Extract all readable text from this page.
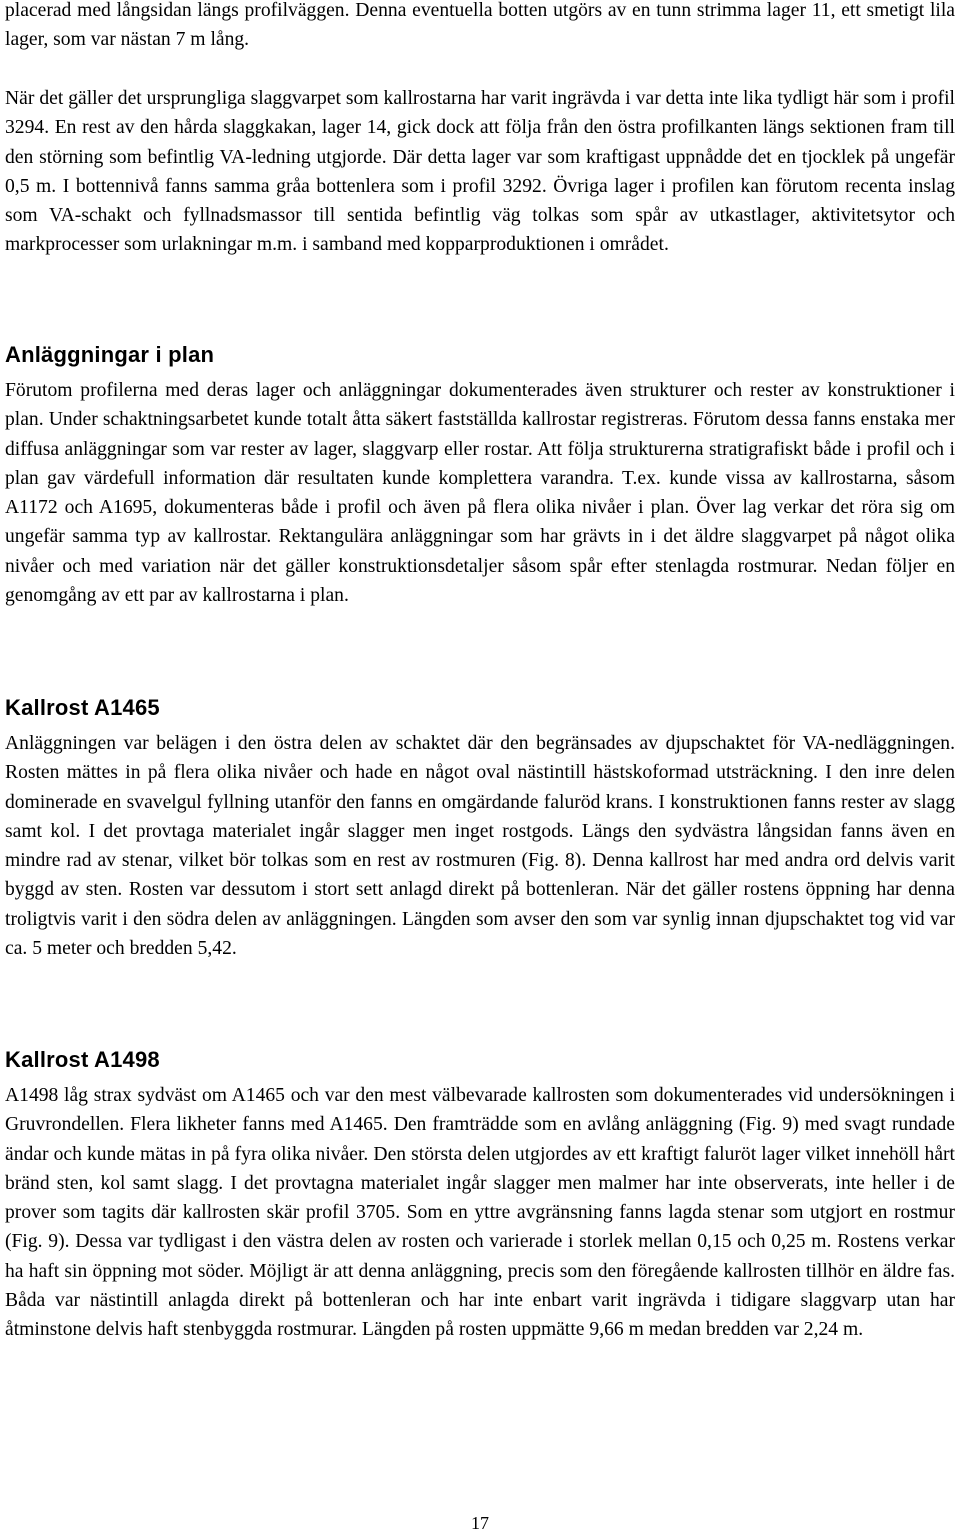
placerad med långsidan längs profilväggen. Denna eventuella botten utgörs av en tunn strimma lager 11, ett smetigt lila lager, som var nästan 7 m lång.

När det gäller det ursprungliga slaggvarpet som kallrostarna har varit ingrävda i var detta inte lika tydligt här som i profil 3294. En rest av den hårda slaggkakan, lager 14, gick dock att följa från den östra profilkanten längs sektionen fram till den störning som befintlig VA-ledning utgjorde. Där detta lager var som kraftigast uppnådde det en tjocklek på ungefär 0,5 m. I bottennivå fanns samma gråa bottenlera som i profil 3292. Övriga lager i profilen kan förutom recenta inslag som VA-schakt och fyllnadsmassor till sentida befintlig väg tolkas som spår av utkastlager, aktivitetsytor och markprocesser som urlakningar m.m. i samband med kopparproduktionen i området.

Anläggningar i plan

Förutom profilerna med deras lager och anläggningar dokumenterades även strukturer och rester av konstruktioner i plan. Under schaktningsarbetet kunde totalt åtta säkert fastställda kallrostar registreras. Förutom dessa fanns enstaka mer diffusa anläggningar som var rester av lager, slaggvarp eller rostar. Att följa strukturerna stratigrafiskt både i profil och i plan gav värdefull information där resultaten kunde komplettera varandra. T.ex. kunde vissa av kallrostarna, såsom A1172 och A1695, dokumenteras både i profil och även på flera olika nivåer i plan. Över lag verkar det röra sig om ungefär samma typ av kallrostar. Rektangulära anläggningar som har grävts in i det äldre slaggvarpet på något olika nivåer och med variation när det gäller konstruktionsdetaljer såsom spår efter stenlagda rostmurar. Nedan följer en genomgång av ett par av kallrostarna i plan.

Kallrost A1465

Anläggningen var belägen i den östra delen av schaktet där den begränsades av djupschaktet för VA-nedläggningen. Rosten mättes in på flera olika nivåer och hade en något oval nästintill hästskoformad utsträckning. I den inre delen dominerade en svavelgul fyllning utanför den fanns en omgärdande faluröd krans. I konstruktionen fanns rester av slagg samt kol. I det provtaga materialet ingår slagger men inget rostgods. Längs den sydvästra långsidan fanns även en mindre rad av stenar, vilket bör tolkas som en rest av rostmuren (Fig. 8). Denna kallrost har med andra ord delvis varit byggd av sten. Rosten var dessutom i stort sett anlagd direkt på bottenleran. När det gäller rostens öppning har denna troligtvis varit i den södra delen av anläggningen. Längden som avser den som var synlig innan djupschaktet tog vid var ca. 5 meter och bredden 5,42.

Kallrost A1498

A1498 låg strax sydväst om A1465 och var den mest välbevarade kallrosten som dokumenterades vid undersökningen i Gruvrondellen. Flera likheter fanns med A1465. Den framträdde som en avlång anläggning (Fig. 9) med svagt rundade ändar och kunde mätas in på fyra olika nivåer. Den största delen utgjordes av ett kraftigt faluröt lager vilket innehöll hårt bränd sten, kol samt slagg. I det provtagna materialet ingår slagger men malmer har inte observerats, inte heller i de prover som tagits där kallrosten skär profil 3705. Som en yttre avgränsning fanns lagda stenar som utgjort en rostmur (Fig. 9). Dessa var tydligast i den västra delen av rosten och varierade i storlek mellan 0,15 och 0,25 m. Rostens verkar ha haft sin öppning mot söder. Möjligt är att denna anläggning, precis som den föregående kallrosten tillhör en äldre fas. Båda var nästintill anlagda direkt på bottenleran och har inte enbart varit ingrävda i tidigare slaggvarp utan har åtminstone delvis haft stenbyggda rostmurar. Längden på rosten uppmätte 9,66 m medan bredden var 2,24 m.

17
